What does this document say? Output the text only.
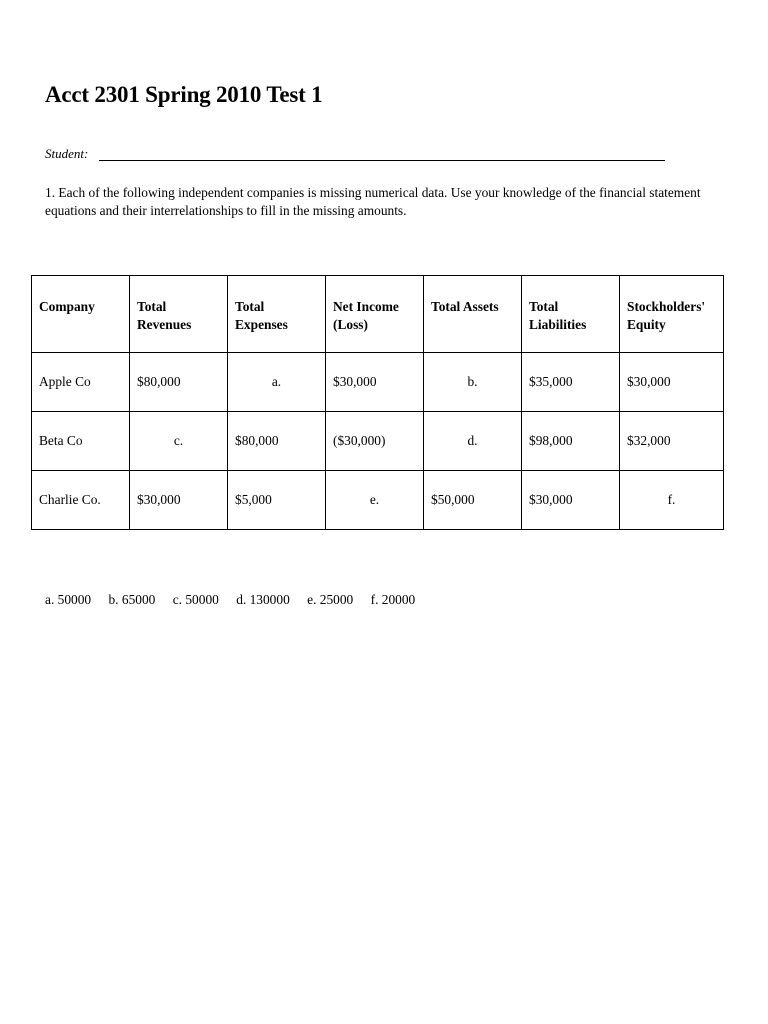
Acct 2301 Spring 2010 Test 1
Student:
1. Each of the following independent companies is missing numerical data. Use your knowledge of the financial statement equations and their interrelationships to fill in the missing amounts.
Company	Total Revenues	Total Expenses	Net Income (Loss)	Total Assets	Total Liabilities	Stockholders' Equity
Apple Co	$80,000	a.	$30,000	b.	$35,000	$30,000
Beta Co	c.	$80,000	($30,000)	d.	$98,000	$32,000
Charlie Co.	$30,000	$5,000	e.	$50,000	$30,000	f.
a. 50000 b. 65000 c. 50000 d. 130000 e. 25000 f. 20000
